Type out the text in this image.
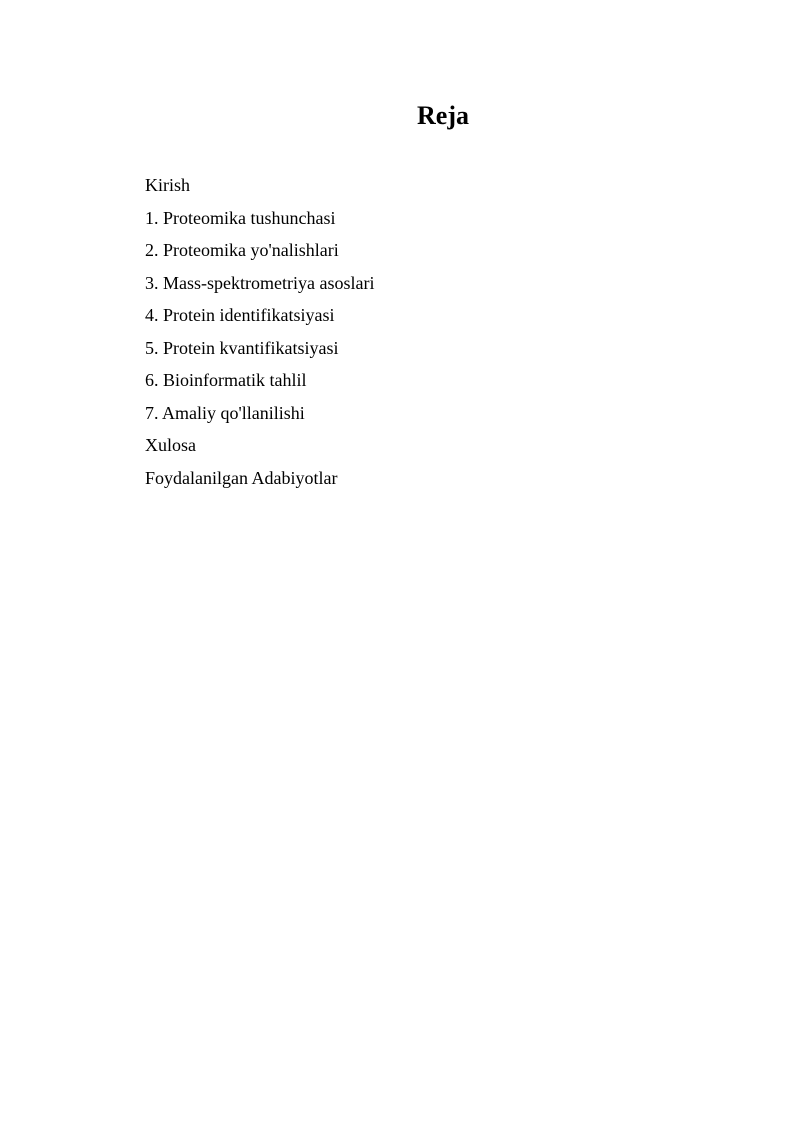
Reja
Kirish
1. Proteomika tushunchasi
2. Proteomika yo'nalishlari
3. Mass-spektrometriya asoslari
4. Protein identifikatsiyasi
5. Protein kvantifikatsiyasi
6. Bioinformatik tahlil
7. Amaliy qo'llanilishi
Xulosa
Foydalanilgan Adabiyotlar
